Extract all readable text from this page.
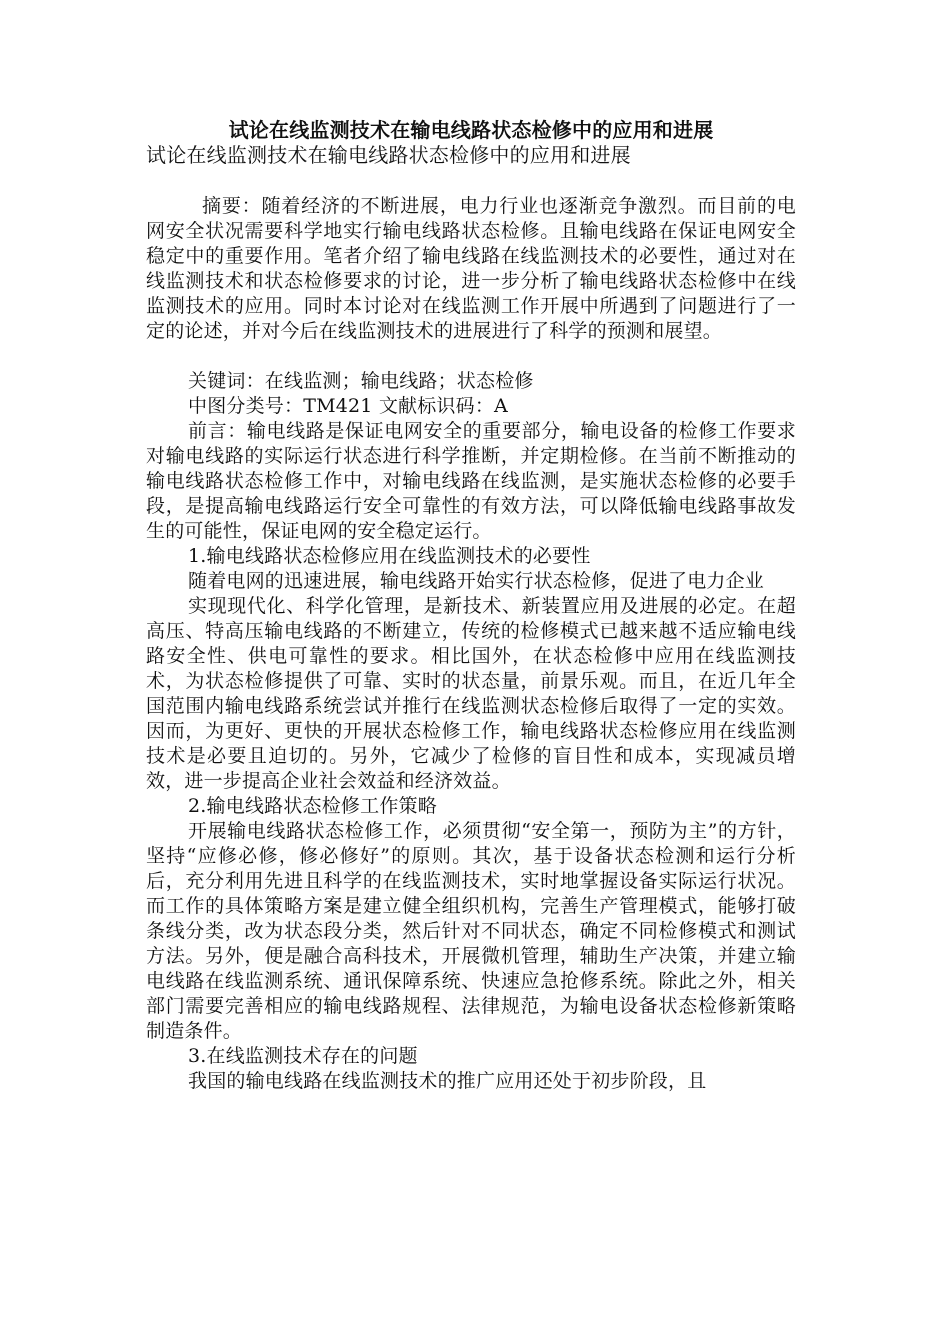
试论在线监测技术在输电线路状态检修中的应用和进展
试论在线监测技术在输电线路状态检修中的应用和进展

摘要：随着经济的不断进展，电力行业也逐渐竞争激烈。而目前的电网安全状况需要科学地实行输电线路状态检修。且输电线路在保证电网安全稳定中的重要作用。笔者介绍了输电线路在线监测技术的必要性，通过对在线监测技术和状态检修要求的讨论，进一步分析了输电线路状态检修中在线监测技术的应用。同时本讨论对在线监测工作开展中所遇到了问题进行了一定的论述，并对今后在线监测技术的进展进行了科学的预测和展望。

关键词：在线监测；输电线路；状态检修

中图分类号：TM421 文献标识码：A

前言：输电线路是保证电网安全的重要部分，输电设备的检修工作要求对输电线路的实际运行状态进行科学推断，并定期检修。在当前不断推动的输电线路状态检修工作中，对输电线路在线监测，是实施状态检修的必要手段，是提高输电线路运行安全可靠性的有效方法，可以降低输电线路事故发生的可能性，保证电网的安全稳定运行。

1.输电线路状态检修应用在线监测技术的必要性

随着电网的迅速进展，输电线路开始实行状态检修，促进了电力企业

实现现代化、科学化管理，是新技术、新装置应用及进展的必定。在超高压、特高压输电线路的不断建立，传统的检修模式已越来越不适应输电线路安全性、供电可靠性的要求。相比国外，在状态检修中应用在线监测技术，为状态检修提供了可靠、实时的状态量，前景乐观。而且，在近几年全国范围内输电线路系统尝试并推行在线监测状态检修后取得了一定的实效。因而，为更好、更快的开展状态检修工作，输电线路状态检修应用在线监测技术是必要且迫切的。另外，它减少了检修的盲目性和成本，实现减员增效，进一步提高企业社会效益和经济效益。

2.输电线路状态检修工作策略

开展输电线路状态检修工作，必须贯彻“安全第一，预防为主”的方针，坚持“应修必修，修必修好”的原则。其次，基于设备状态检测和运行分析后，充分利用先进且科学的在线监测技术，实时地掌握设备实际运行状况。而工作的具体策略方案是建立健全组织机构，完善生产管理模式，能够打破条线分类，改为状态段分类，然后针对不同状态，确定不同检修模式和测试方法。另外，便是融合高科技术，开展微机管理，辅助生产决策，并建立输电线路在线监测系统、通讯保障系统、快速应急抢修系统。除此之外，相关部门需要完善相应的输电线路规程、法律规范，为输电设备状态检修新策略制造条件。

3.在线监测技术存在的问题

我国的输电线路在线监测技术的推广应用还处于初步阶段，且
